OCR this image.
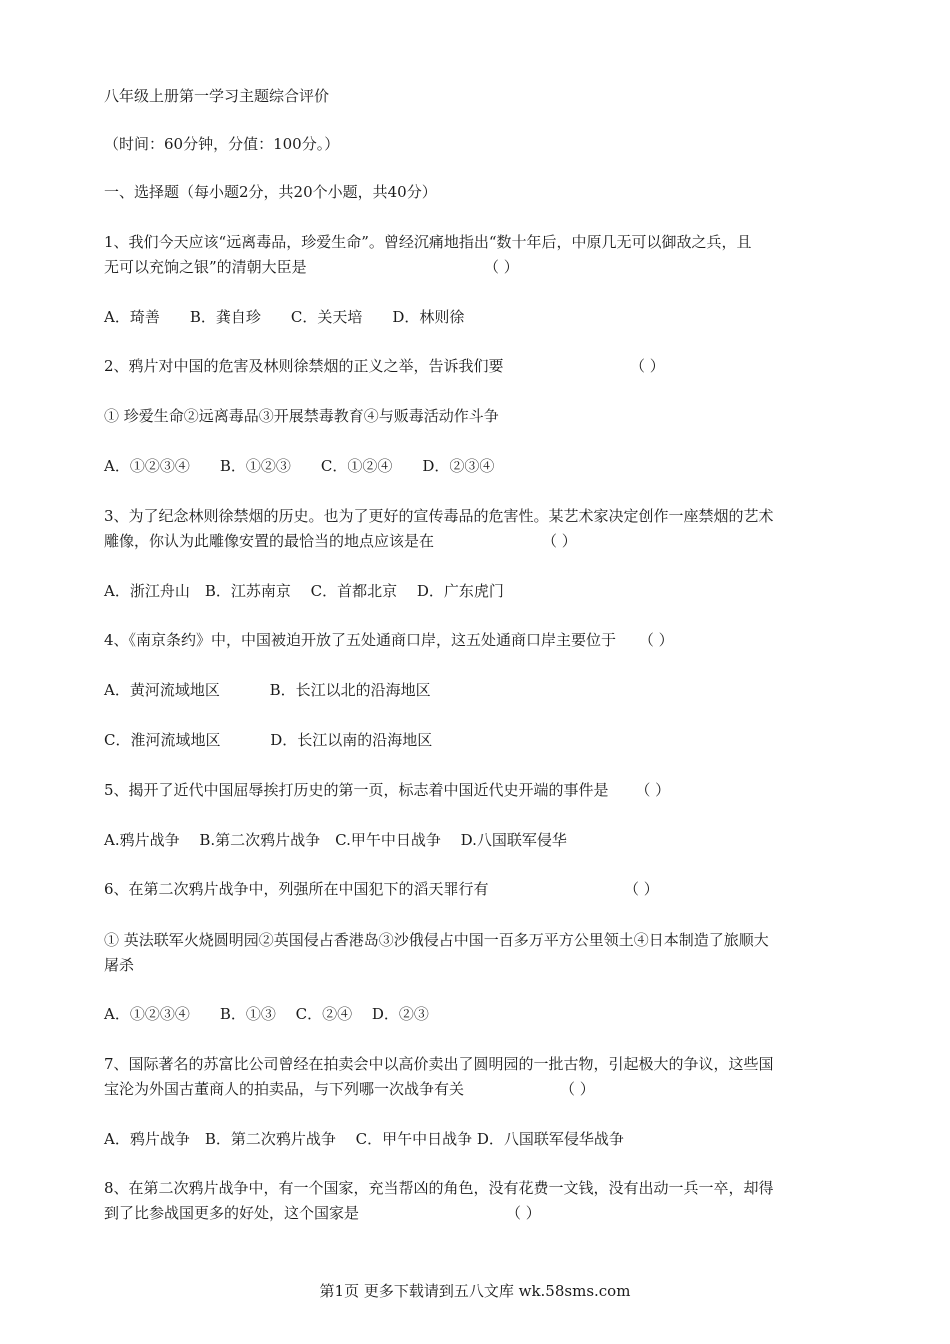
八年级上册第一学习主题综合评价
（时间：60分钟，分值：100分。）
一、选择题（每小题2分，共20个小题，共40分）
1、我们今天应该“远离毒品，珍爱生命”。曾经沉痛地指出“数十年后，中原几无可以御敌之兵，且
无可以充饷之银”的清朝大臣是	（ ）
A．琦善　　B．龚自珍　　C．关天培　　D．林则徐
2、鸦片对中国的危害及林则徐禁烟的正义之举，告诉我们要	（ ）
① 珍爱生命②远离毒品③开展禁毒教育④与贩毒活动作斗争
A．①②③④　　B．①②③　　C．①②④　　D．②③④
3、为了纪念林则徐禁烟的历史。也为了更好的宣传毒品的危害性。某艺术家决定创作一座禁烟的艺术
雕像，你认为此雕像安置的最恰当的地点应该是在	（ ）
A．浙江舟山　B．江苏南京　 C．首都北京　 D．广东虎门
4、《南京条约》中，中国被迫开放了五处通商口岸，这五处通商口岸主要位于 （ ）
A．黄河流域地区　　　 B．长江以北的沿海地区
C．淮河流域地区　　　 D．长江以南的沿海地区
5、揭开了近代中国屈辱挨打历史的第一页，标志着中国近代史开端的事件是 （ ）
A.鸦片战争　 B.第二次鸦片战争　C.甲午中日战争　 D.八国联军侵华
6、在第二次鸦片战争中，列强所在中国犯下的滔天罪行有	（ ）
① 英法联军火烧圆明园②英国侵占香港岛③沙俄侵占中国一百多万平方公里领土④日本制造了旅顺大
屠杀
A．①②③④　　B．①③　 C．②④　 D．②③
7、国际著名的苏富比公司曾经在拍卖会中以高价卖出了圆明园的一批古物，引起极大的争议，这些国
宝沦为外国古董商人的拍卖品，与下列哪一次战争有关	（ ）
A．鸦片战争　B．第二次鸦片战争　 C．甲午中日战争 D．八国联军侵华战争
8、在第二次鸦片战争中，有一个国家，充当帮凶的角色，没有花费一文钱，没有出动一兵一卒，却得
到了比参战国更多的好处，这个国家是	（ ）
第1页 更多下载请到五八文库 wk.58sms.com
